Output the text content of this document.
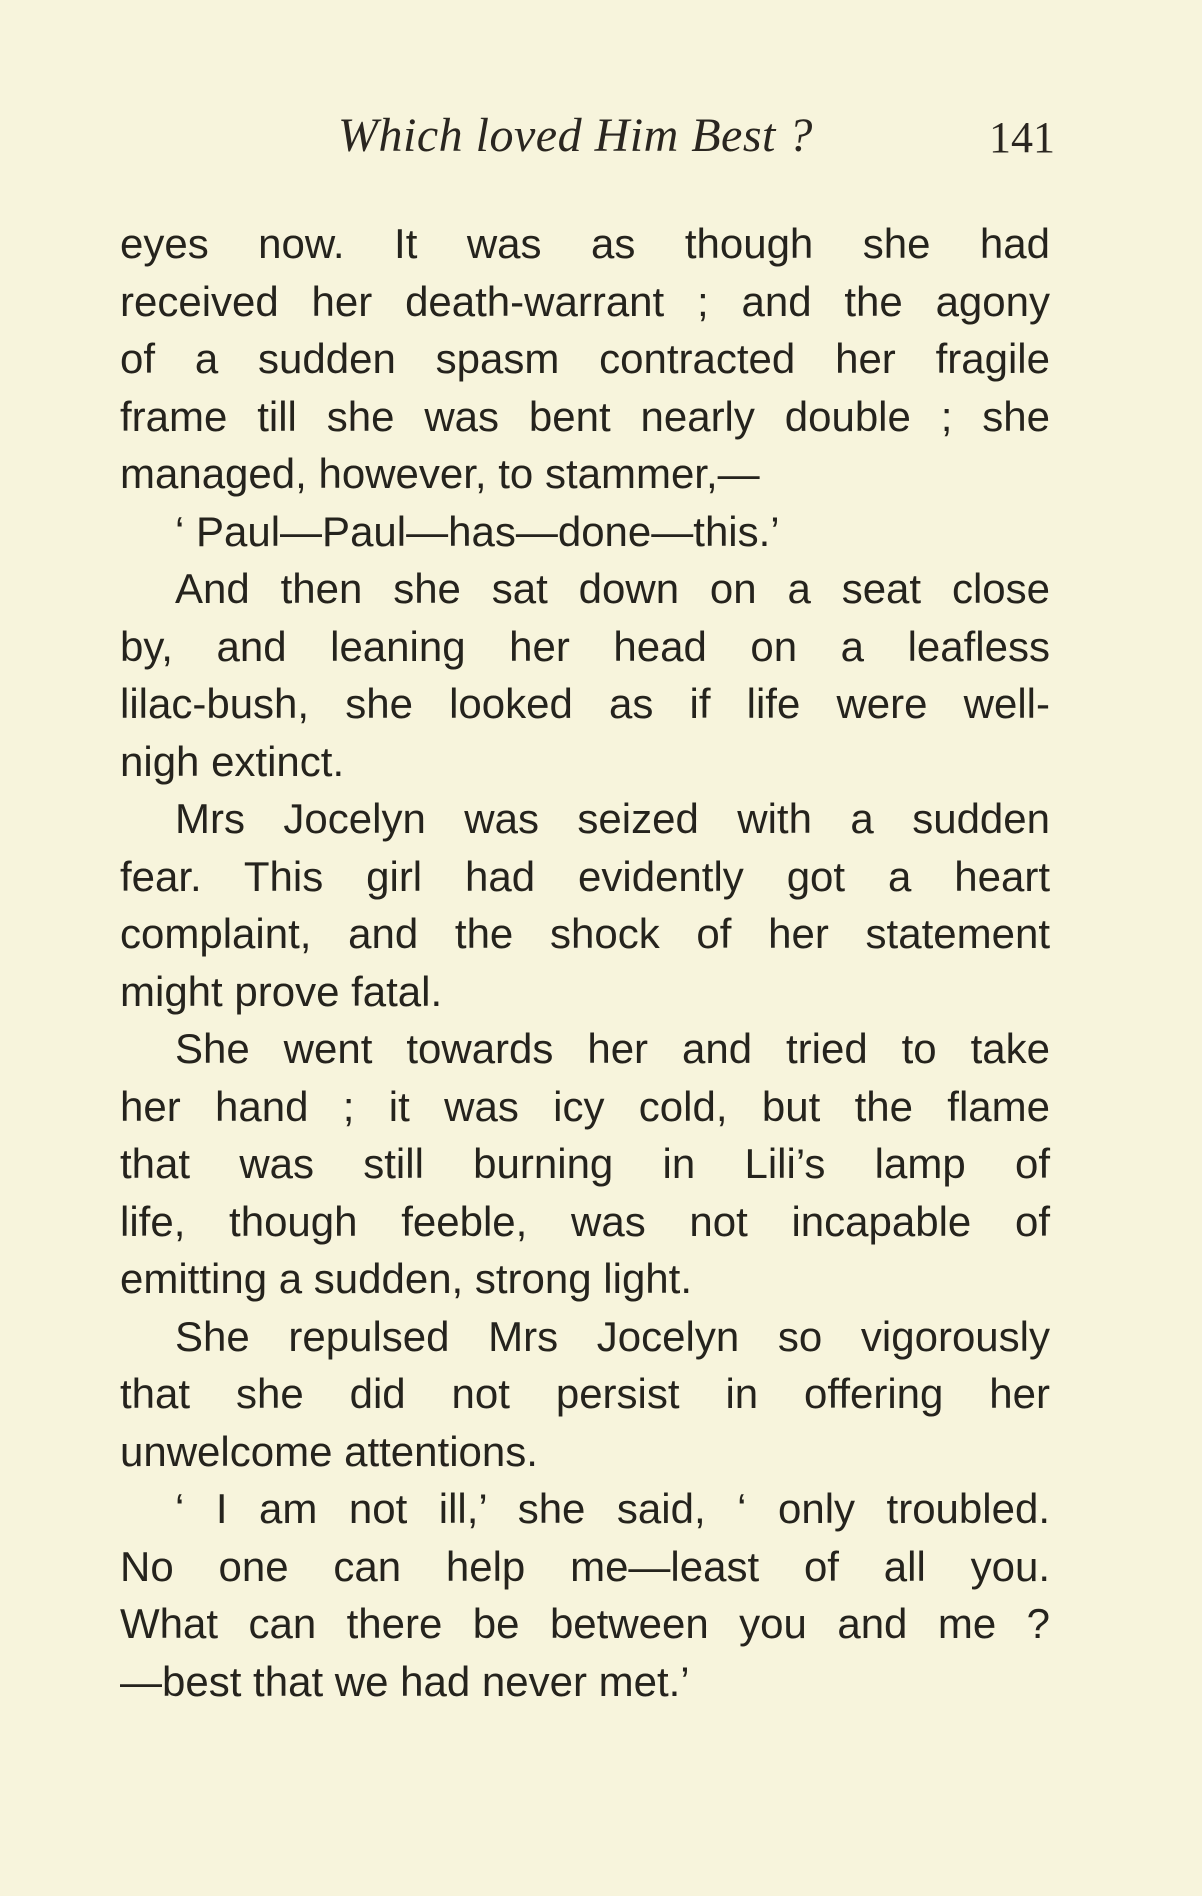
Which loved Him Best ?	141
eyes now. It was as though she had
received her death-warrant ; and the agony
of a sudden spasm contracted her fragile
frame till she was bent nearly double ; she
managed, however, to stammer,—
‘ Paul—Paul—has—done—this.’
And then she sat down on a seat close
by, and leaning her head on a leafless
lilac-bush, she looked as if life were well-
nigh extinct.
Mrs Jocelyn was seized with a sudden
fear. This girl had evidently got a heart
complaint, and the shock of her statement
might prove fatal.
She went towards her and tried to take
her hand ; it was icy cold, but the flame
that was still burning in Lili’s lamp of
life, though feeble, was not incapable of
emitting a sudden, strong light.
She repulsed Mrs Jocelyn so vigorously
that she did not persist in offering her
unwelcome attentions.
‘ I am not ill,’ she said, ‘ only troubled.
No one can help me—least of all you.
What can there be between you and me ?
—best that we had never met.’
